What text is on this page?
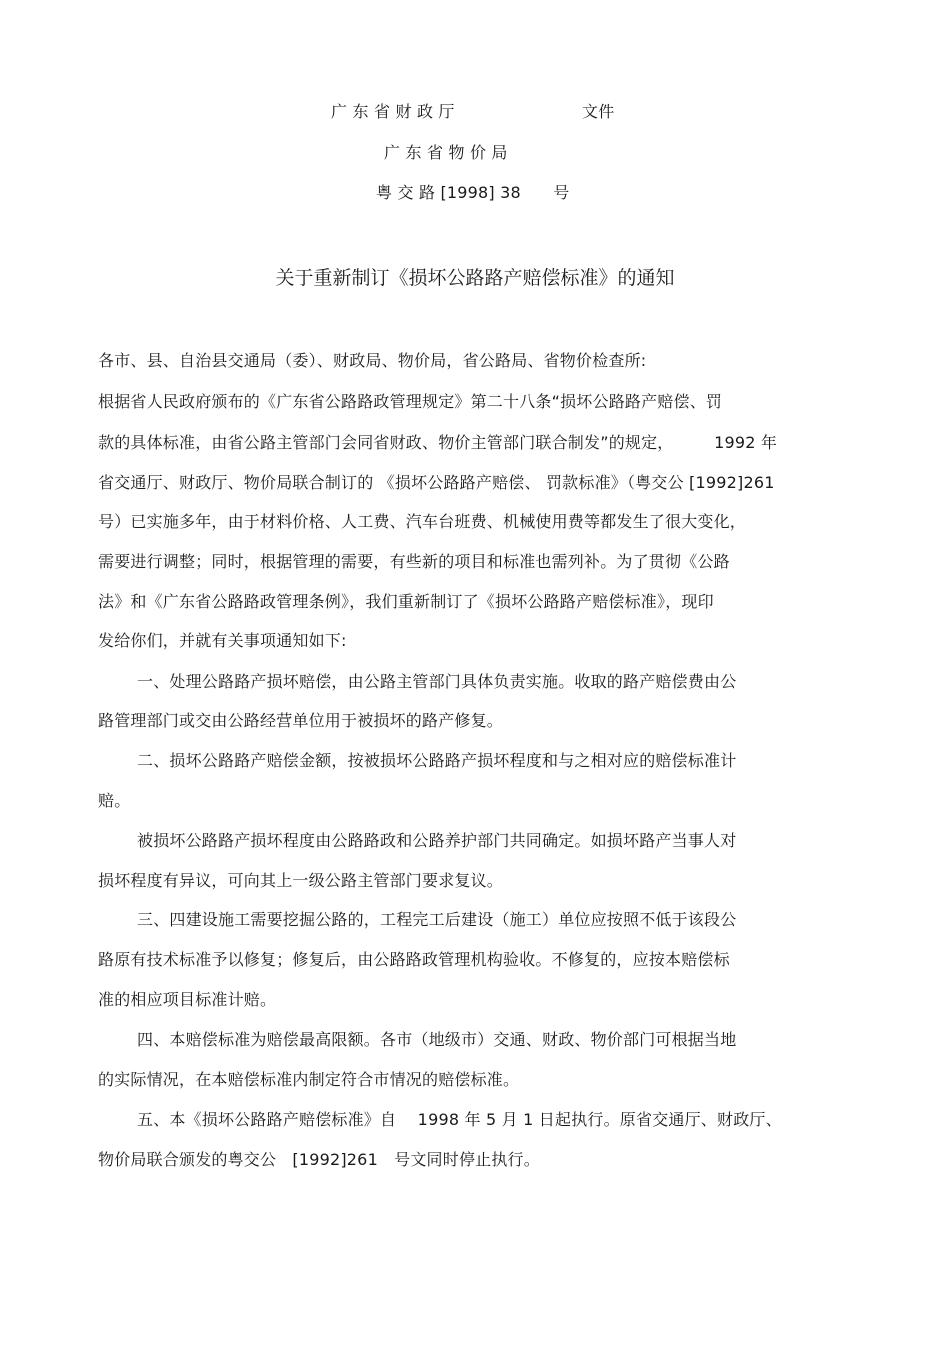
广 东 省 财 政 厅	文件
广 东 省 物 价 局
粤 交 路 [1998] 38　　号
关于重新制订《损坏公路路产赔偿标准》的通知
各市、县、自治县交通局（委）、财政局、物价局，省公路局、省物价检查所:
根据省人民政府颁布的《广东省公路路政管理规定》第二十八条“损坏公路路产赔偿、罚
款的具体标准，由省公路主管部门会同省财政、物价主管部门联合制发”的规定，　　　1992 年
省交通厅、财政厅、物价局联合制订的 《损坏公路路产赔偿、 罚款标准》（粤交公 [1992]261
号）已实施多年，由于材料价格、人工费、汽车台班费、机械使用费等都发生了很大变化，
需要进行调整；同时，根据管理的需要，有些新的项目和标准也需列补。为了贯彻《公路
法》和《广东省公路路政管理条例》，我们重新制订了《损坏公路路产赔偿标准》，现印
发给你们，并就有关事项通知如下:
一、处理公路路产损坏赔偿，由公路主管部门具体负责实施。收取的路产赔偿费由公
路管理部门或交由公路经营单位用于被损坏的路产修复。
二、损坏公路路产赔偿金额，按被损坏公路路产损坏程度和与之相对应的赔偿标准计
赔。
被损坏公路路产损坏程度由公路路政和公路养护部门共同确定。如损坏路产当事人对
损坏程度有异议，可向其上一级公路主管部门要求复议。
三、四建设施工需要挖掘公路的，工程完工后建设（施工）单位应按照不低于该段公
路原有技术标准予以修复；修复后，由公路路政管理机构验收。不修复的，应按本赔偿标
准的相应项目标准计赔。
四、本赔偿标准为赔偿最高限额。各市（地级市）交通、财政、物价部门可根据当地
的实际情况，在本赔偿标准内制定符合市情况的赔偿标准。
五、本《损坏公路路产赔偿标准》自　 1998 年 5 月 1 日起执行。原省交通厅、财政厅、
物价局联合颁发的粤交公　[1992]261　号文同时停止执行。
